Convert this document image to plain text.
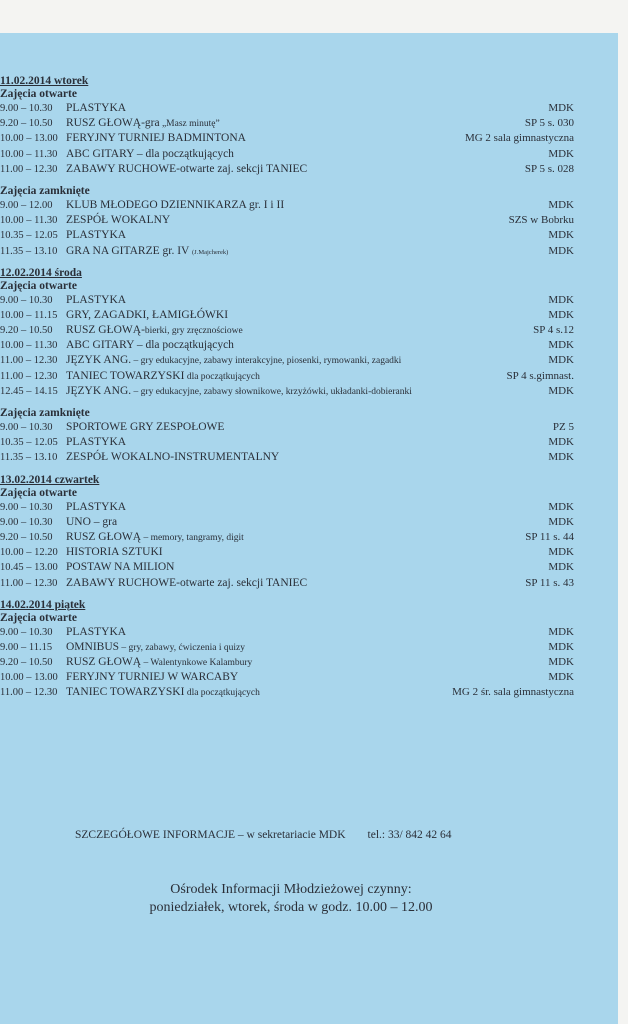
11.02.2014 wtorek
Zajęcia otwarte
9.00 – 10.30 PLASTYKA	MDK
9.20 – 10.50 RUSZ GŁOWĄ-gra „Masz minutę”	SP 5 s. 030
10.00 – 13.00 FERYJNY TURNIEJ BADMINTONA	MG 2 sala gimnastyczna
10.00 – 11.30 ABC GITARY – dla początkujących	MDK
11.00 – 12.30 ZABAWY RUCHOWE-otwarte zaj. sekcji TANIEC	SP 5 s. 028
Zajęcia zamknięte
9.00 – 12.00 KLUB MŁODEGO DZIENNIKARZA gr. I i II	MDK
10.00 – 11.30 ZESPÓŁ WOKALNY	SZS w Bobrku
10.35 – 12.05 PLASTYKA	MDK
11.35 – 13.10 GRA NA GITARZE gr. IV (J.Majcherek)	MDK
12.02.2014 środa
Zajęcia otwarte
9.00 – 10.30 PLASTYKA	MDK
10.00 – 11.15 GRY, ZAGADKI, ŁAMIGŁÓWKI	MDK
9.20 – 10.50 RUSZ GŁOWĄ-bierki, gry zręcznościowe	SP 4 s.12
10.00 – 11.30 ABC GITARY – dla początkujących	MDK
11.00 – 12.30 JĘZYK ANG. – gry edukacyjne, zabawy interakcyjne, piosenki, rymowanki, zagadki	MDK
11.00 – 12.30 TANIEC TOWARZYSKI dla początkujących	SP 4 s.gimnast.
12.45 – 14.15 JĘZYK ANG. – gry edukacyjne, zabawy słownikowe, krzyżówki, układanki-dobieranki	MDK
Zajęcia zamknięte
9.00 – 10.30 SPORTOWE GRY ZESPOŁOWE	PZ 5
10.35 – 12.05 PLASTYKA	MDK
11.35 – 13.10 ZESPÓŁ WOKALNO-INSTRUMENTALNY	MDK
13.02.2014 czwartek
Zajęcia otwarte
9.00 – 10.30 PLASTYKA	MDK
9.00 – 10.30 UNO – gra	MDK
9.20 – 10.50 RUSZ GŁOWĄ – memory, tangramy, digit	SP 11 s. 44
10.00 – 12.20 HISTORIA SZTUKI	MDK
10.45 – 13.00 POSTAW NA MILION	MDK
11.00 – 12.30 ZABAWY RUCHOWE-otwarte zaj. sekcji TANIEC	SP 11 s. 43
14.02.2014 piątek
Zajęcia otwarte
9.00 – 10.30 PLASTYKA	MDK
9.00 – 11.15 OMNIBUS – gry, zabawy, ćwiczenia i quizy	MDK
9.20 – 10.50 RUSZ GŁOWĄ – Walentynkowe Kalambury	MDK
10.00 – 13.00 FERYJNY TURNIEJ W WARCABY	MDK
11.00 – 12.30 TANIEC TOWARZYSKI dla początkujących	MG 2 śr. sala gimnastyczna
SZCZEGÓŁOWE INFORMACJE – w sekretariacie MDK tel.: 33/ 842 42 64
Ośrodek Informacji Młodzieżowej czynny:
poniedziałek, wtorek, środa w godz. 10.00 – 12.00
